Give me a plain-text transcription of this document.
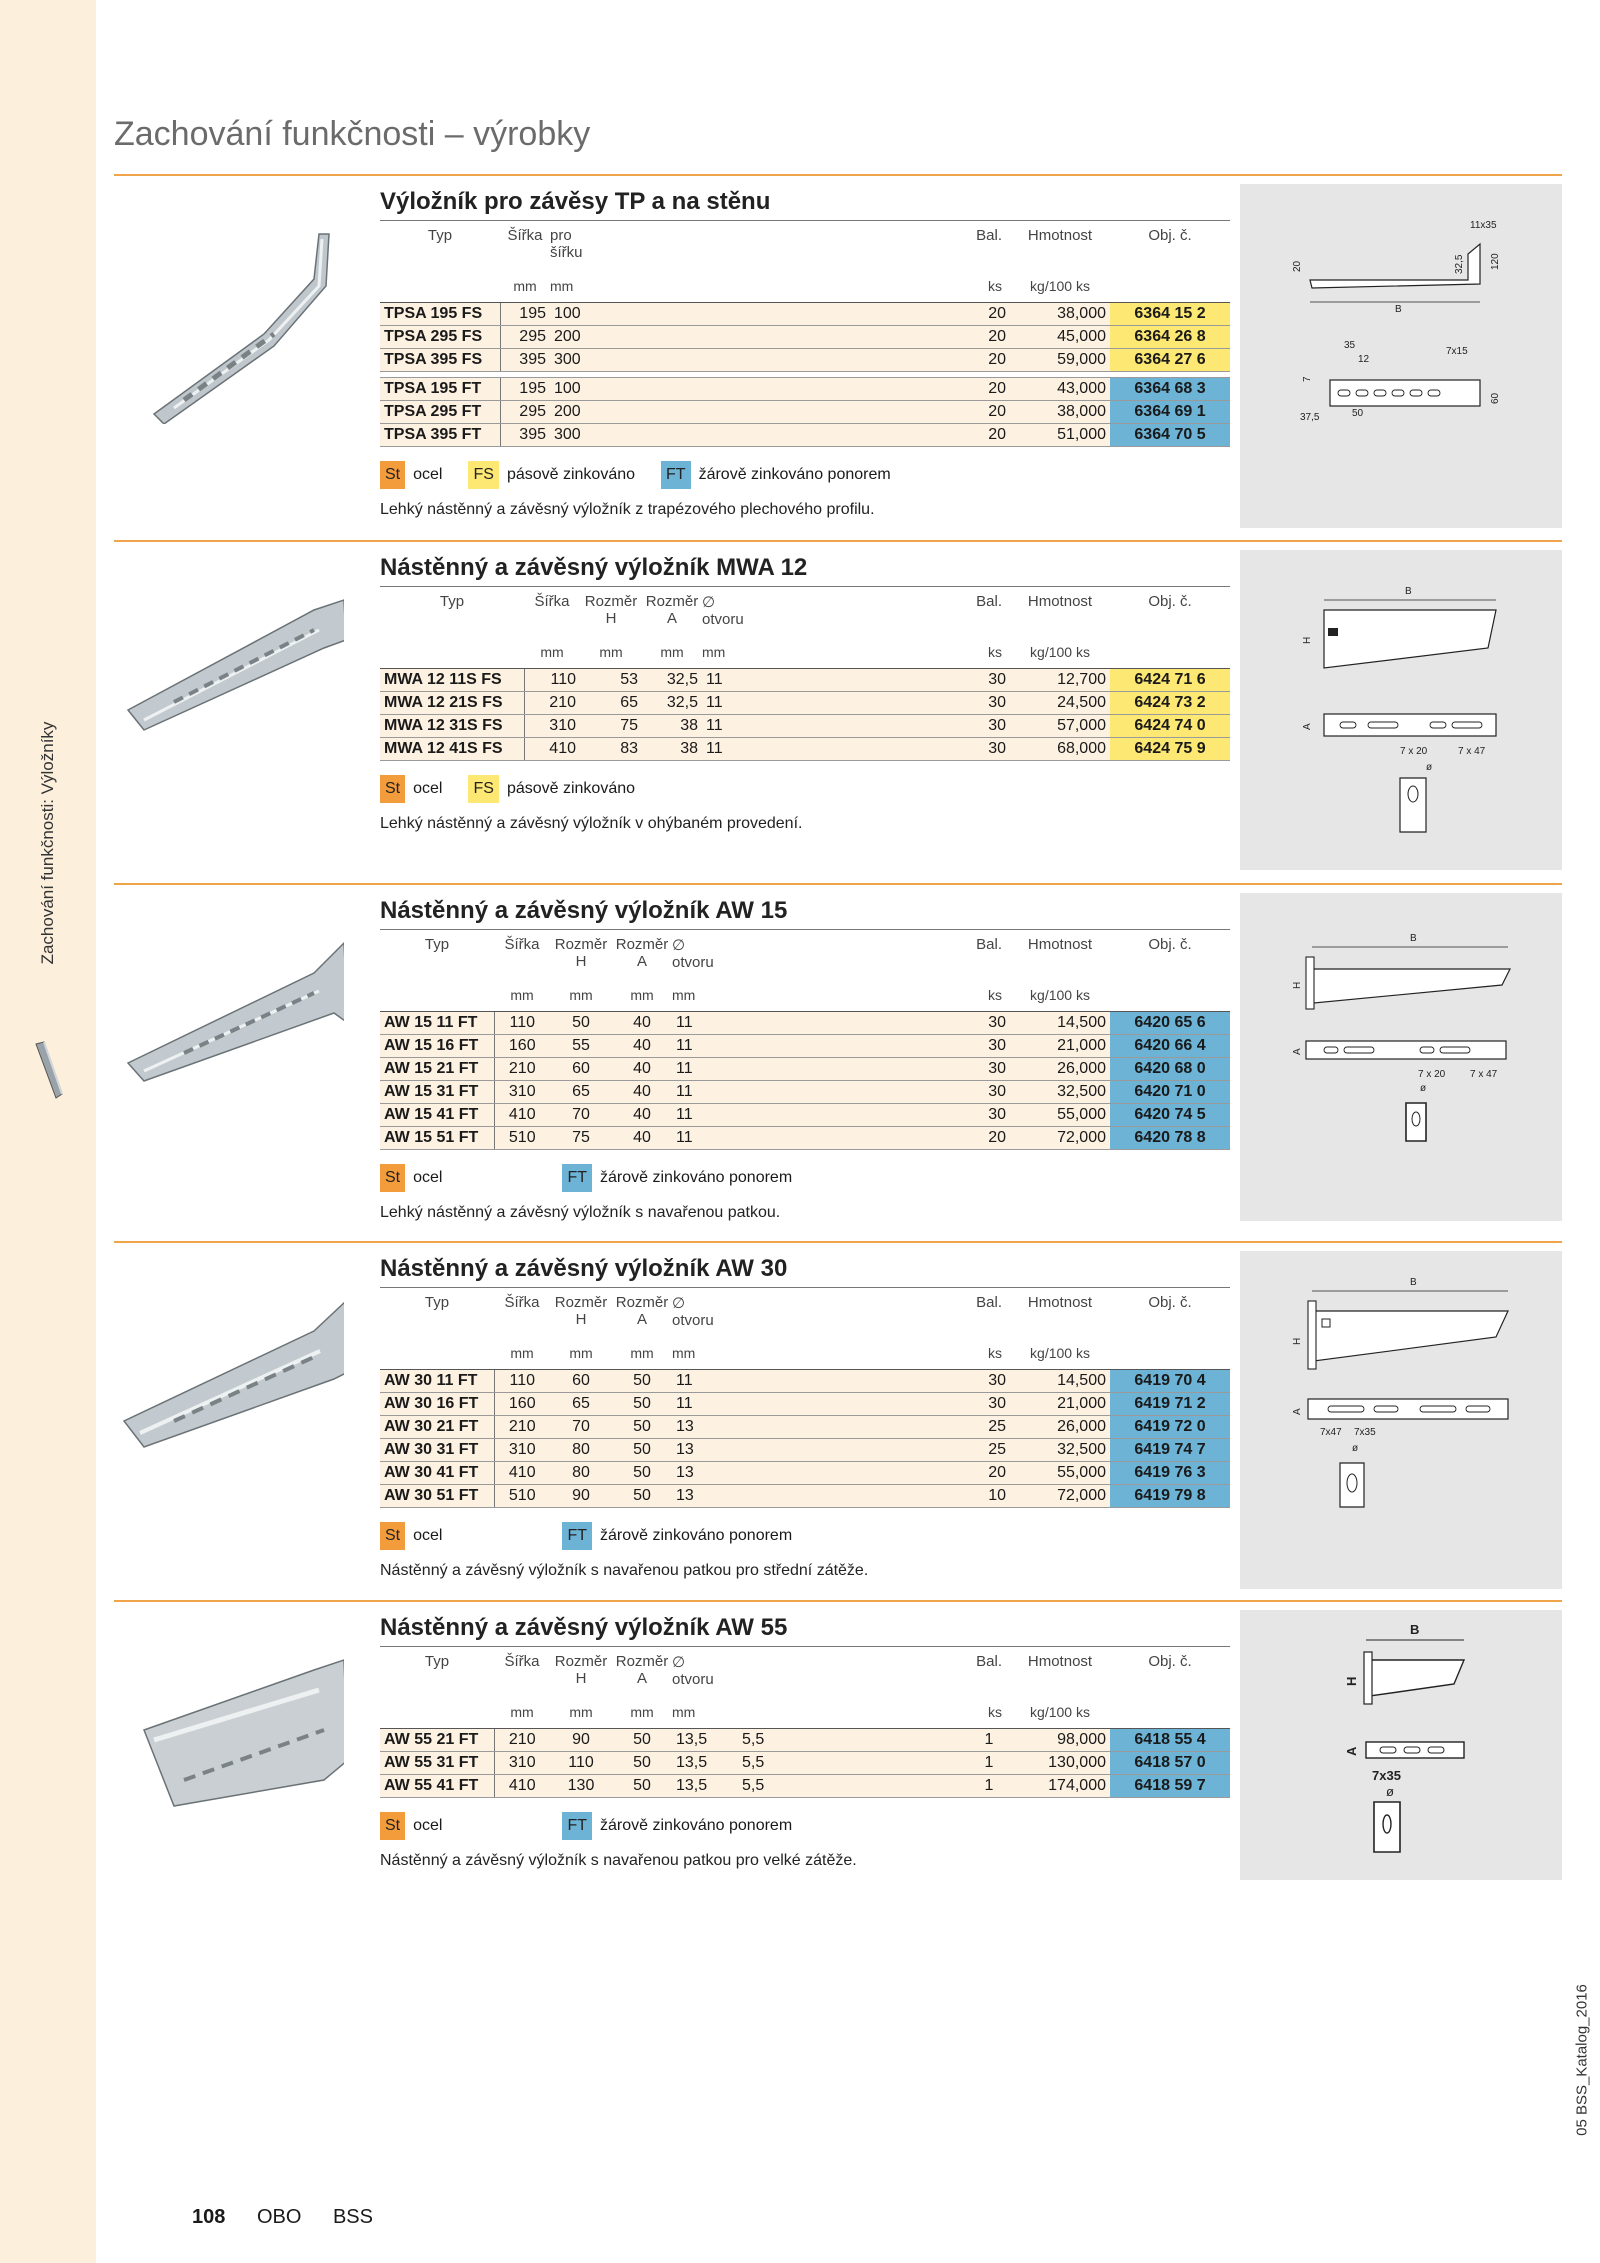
Zachování funkčnosti: Výložníky
05 BSS_Katalog_2016
Zachování funkčnosti – výrobky
Výložník pro závěsy TP a na stěnu
Typ	Šířka	pro
šířku	Bal.	Hmotnost	Obj. č.
	mm	mm	ks	kg/100 ks	
TPSA 195 FS	195	100	20	38,000	6364 15 2
TPSA 295 FS	295	200	20	45,000	6364 26 8
TPSA 395 FS	395	300	20	59,000	6364 27 6

TPSA 195 FT	195	100	20	43,000	6364 68 3
TPSA 295 FT	295	200	20	38,000	6364 69 1
TPSA 395 FT	395	300	20	51,000	6364 70 5
St ocel	FS pásově zinkováno	FT žárově zinkováno ponorem
Lehký nástěnný a závěsný výložník z trapézového plechového profilu.
B
11x35
20	32,5	120
35
12
7x15
7
60
37,5	50
Nástěnný a závěsný výložník MWA 12
Typ	Šířka	Rozměr
H	Rozměr
A	∅
otvoru	Bal.	Hmotnost	Obj. č.
	mm	mm	mm	mm	ks	kg/100 ks	
MWA 12 11S FS	110	53	32,5	11	30	12,700	6424 71 6
MWA 12 21S FS	210	65	32,5	11	30	24,500	6424 73 2
MWA 12 31S FS	310	75	38	11	30	57,000	6424 74 0
MWA 12 41S FS	410	83	38	11	30	68,000	6424 75 9
St ocel	FS pásově zinkováno
Lehký nástěnný a závěsný výložník v ohýbaném provedení.
B
H
A
7 x 20	7 x 47
ø
Nástěnný a závěsný výložník AW 15
Typ	Šířka	Rozměr
H	Rozměr
A	∅
otvoru	Bal.	Hmotnost	Obj. č.
	mm	mm	mm	mm	ks	kg/100 ks	
AW 15 11 FT	110	50	40	11	30	14,500	6420 65 6
AW 15 16 FT	160	55	40	11	30	21,000	6420 66 4
AW 15 21 FT	210	60	40	11	30	26,000	6420 68 0
AW 15 31 FT	310	65	40	11	30	32,500	6420 71 0
AW 15 41 FT	410	70	40	11	30	55,000	6420 74 5
AW 15 51 FT	510	75	40	11	20	72,000	6420 78 8
St ocel	FT žárově zinkováno ponorem
Lehký nástěnný a závěsný výložník s navařenou patkou.
B
H
A
7 x 20 7 x 47
ø
Nástěnný a závěsný výložník AW 30
Typ	Šířka	Rozměr
H	Rozměr
A	∅
otvoru	Bal.	Hmotnost	Obj. č.
	mm	mm	mm	mm	ks	kg/100 ks	
AW 30 11 FT	110	60	50	11	30	14,500	6419 70 4
AW 30 16 FT	160	65	50	11	30	21,000	6419 71 2
AW 30 21 FT	210	70	50	13	25	26,000	6419 72 0
AW 30 31 FT	310	80	50	13	25	32,500	6419 74 7
AW 30 41 FT	410	80	50	13	20	55,000	6419 76 3
AW 30 51 FT	510	90	50	13	10	72,000	6419 79 8
St ocel	FT žárově zinkováno ponorem
Nástěnný a závěsný výložník s navařenou patkou pro střední zátěže.
B
H
A
7x47 7x35
ø
Nástěnný a závěsný výložník AW 55
Typ	Šířka	Rozměr
H	Rozměr
A	∅
otvoru		Bal.	Hmotnost	Obj. č.
	mm	mm	mm	mm		ks	kg/100 ks	
AW 55 21 FT	210	90	50	13,5	5,5	1	98,000	6418 55 4
AW 55 31 FT	310	110	50	13,5	5,5	1	130,000	6418 57 0
AW 55 41 FT	410	130	50	13,5	5,5	1	174,000	6418 59 7
St ocel	FT žárově zinkováno ponorem
Nástěnný a závěsný výložník s navařenou patkou pro velké zátěže.
B
H
A
7x35
ø
108 OBO BSS
